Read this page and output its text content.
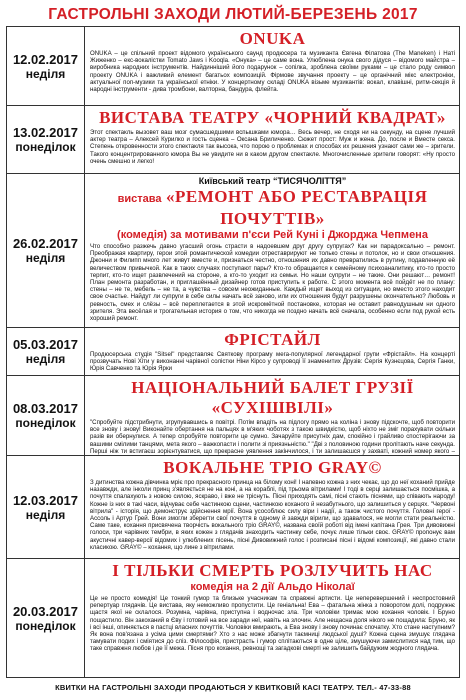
ГАСТРОЛЬНІ ЗАХОДИ ЛЮТИЙ-БЕРЕЗЕНЬ 2017
12.02.2017
неділя
ONUKA
ONUKA – це спільний проект відомого українського саунд продюсера та музиканта Євгена Філатова (The Maneken) і Наті Жиженко – екс-вокалістки Tomato Jaws і Kooqla. «Онука» – це саме вона. Улюблена онука свого дідуся – відомого майстра – виробника народних інструментів. Найдинніший його подарунок – сопілка, зроблена своїми руками – це стало роду символ проекту ONUKA і важливий елемент багатьох композицій. Фірмове звучання проекту – це органічний мікс електроніки, актуальної поп-музики та української етніки. У концертному складі ONUKA візьме музикантів: вокал, клавішні, ритм-секція й народні інструменти - дива тромбони, валторна, бандура, флейта.
13.02.2017
понеділок
ВИСТАВА ТЕАТРУ «ЧОРНИЙ КВАДРАТ»
Этот спектакль вызовет ваш мозг сумасшедшими вспышками юмора… Весь вечер, не сходя ни на секунду, на сцене лучший актер театра – Алексей Курилко и гость сценка – Оксана Бриличенко. Сюжет прост: Муж и жена. До, после и Вместе секса. Степень откровенности этого спектакля так высока, что порою о проблемах и способах их решения узнают сами же – зрители. Такого концентрированного юмора Вы не увидите ни в каком другом спектакле. Многочисленные зрители говорят: «Ну просто очень смешно и легко!
26.02.2017
неділя
Київський театр “ТИСЯЧОЛІТТЯ”
вистава «РЕМОНТ АБО РЕСТАВРАЦІЯ ПОЧУТТІВ»
(комедія) за мотивами п'єси Рей Куні і Джорджа Чепмена
Что способно разжечь давно угасший огонь страсти в надоевшем друг другу супругах? Как ни парадоксально – ремонт. Преображая квартиру, герои этой романтической комедии отреставрируют не только стены и потолок, но и свои отношения. Джонни и Филипп много лет живут вместе и, признаться честно, отношения их давно превратились в рутину, подавленную её величеством привычкой. Как в таких случаях поступают пары? Кто-то обращается к семейному психоаналитику, кто-то просто терпит, кто-то ищет развлечений на стороне, а кто-то уходит из семьи. Но наши супруги – не такие. Они решают… ремонт! План ремонта разработан, и приглашённый дизайнер готов приступить к работе. С этого момента всё пойдёт не по плану: стены – не те, мебель – не та, а чувства – совсем неожиданные. Каждый ищет выход из ситуации, но вместо этого находит свое счастье. Найдут ли супруги в себе силы начать всё заново, или их отношения будут разрушены окончательно? Любовь и ревность, смех и слёзы – всё переплетается в этой искромётной постановке, которая не оставит равнодушным ни одного зрителя. Эта весёлая и трогательная история о том, что никогда не поздно начать всё сначала, особенно если под рукой есть хороший ремонт.
05.03.2017
неділя
ФРІСТАЙЛ
Продюсерська студія "Sitsel" представляє Святкову програму мега-популярної легендарної групи «Фрістайл». На концерті прозвучать Нові Хіти у виконанні чарівної солістки Ніни Кірсо у супроводі її знаменитих Друзів: Сергія Кузнєцова, Сергія Ганки, Юрія Савченко та Юрія Ярки
08.03.2017
понеділок
НАЦІОНАЛЬНИЙ БАЛЕТ ГРУЗІЇ «СУХІШВІЛІ»
"Спробуйте підстрибнути, згрупувавшись в повітрі. Потім впадіть на підлогу прямо на коліна і знову підскочте, щоб повторити все знову і знову! Виконайте обертання на пальцях в м'яких чоботях з такою швидкістю, щоб ніхто не зміг порахувати скільки разів ви обернулися. А тепер спробуйте повторити це сумно. Зачаруйте присутніх дам, спокійно і грайливо спостерігаючи за вашими смілими танцями, мета якого – важкопасти і полити зі приязньністю." "Дві з половиною години пролітають наче секунда. Перші ніж ти встигаєш зорієнтуватися, що прекрасне уявлення закінчилося, і ти залишаєшся у захваті, кожний номер якого –
12.03.2017
неділя
ВОКАЛЬНЕ ТРІО GRAY©
З дитинства кожна дівчинка мріє про прекрасного принца на білому коні! І напевно кожна з них чекає, що до неї коханий прийде назавжди, але інколи принц з'являється не на коні, а на кораблі, під трьома вітрилами! І тоді в серці залишається посмішка, а почуття спалахують з новою силою, яскраво, і вже не тріснуть. Пісні приходять самі, пісні стають піснями, що співають народу! Кожне із них в такі часи, відчуває себе частинкою сцени, частинкою коханого й незабутнього, що залишиться у серцях. "Червоні вітрила" - історія, що демонструє здійснення мрії. Вона усособлює силу віри і надії, а також чистого почуття. Головні герої - Ассоль і Артур Грей. Вони змогли зберегти свої почуття в одному й завжди вірили, що здавалося, не могли стати реальністю. Саме таке, кохання присвячена творчість вокального тріо GRAY©, названа своїй роботі від імені капітана Грея. Три дивовижні голоси, три чарівних тембри, в яких кожен з глядачів знаходить частинку себе, почує лише тільки своє. GRAY© пропонує вам акустичні кавер-версії відомих і улюблених пісень, пісні Дивовижний голос і розписані пісні і відомі композиції, які давно стали класикою. GRAY© – кохання, що лине з вітрилами.
20.03.2017
понеділок
І ТІЛЬКИ СМЕРТЬ РОЗЛУЧИТЬ НАС
комедія на 2 дії Альдо Ніколаї
Це не просто комедія! Це тонкий гумор та близьке учасникам та справжні артисти. Це неперевершений і неспростовний репертуар глядачів. Це вистава, яку неможливо пропустити. Це геніальна! Ева – фатальна жінка з поворотом долі, подружнє щастя якої не склалося. Розумна, чарівна, приступна і водночас зла. Три чоловіки тримає мою кохання чоловік. І Бруно пощастило. Він закоханий в Єву і готовий на все заради неї, навіть на злочин. Але нещасна доля нікого не пощадила: Бруно, як і всі інші, опиняється в пастці власних почуттів. Чоловіки вмирають, а Ева знову і знову починає спочатку. Хто стане наступним? Як вона пов'язана з усіма цими смертями? Хто з нас може збагнути таємниці людської душі? Кожна сцена змушує глядача тамувати подих і сміятися до сліз. Філософія, пристрасть і гумор сплітаються в одне ціле, змушуючи замислитися над тим, що таке справжня любов і де її межа. Пісня про кохання, ревнощі та загадкові смерті не залишить байдужим жодного глядача.
КВИТКИ НА ГАСТРОЛЬНІ ЗАХОДИ ПРОДАЮТЬСЯ У КВИТКОВІЙ КАСІ ТЕАТРУ. ТЕЛ.- 47-33-88
